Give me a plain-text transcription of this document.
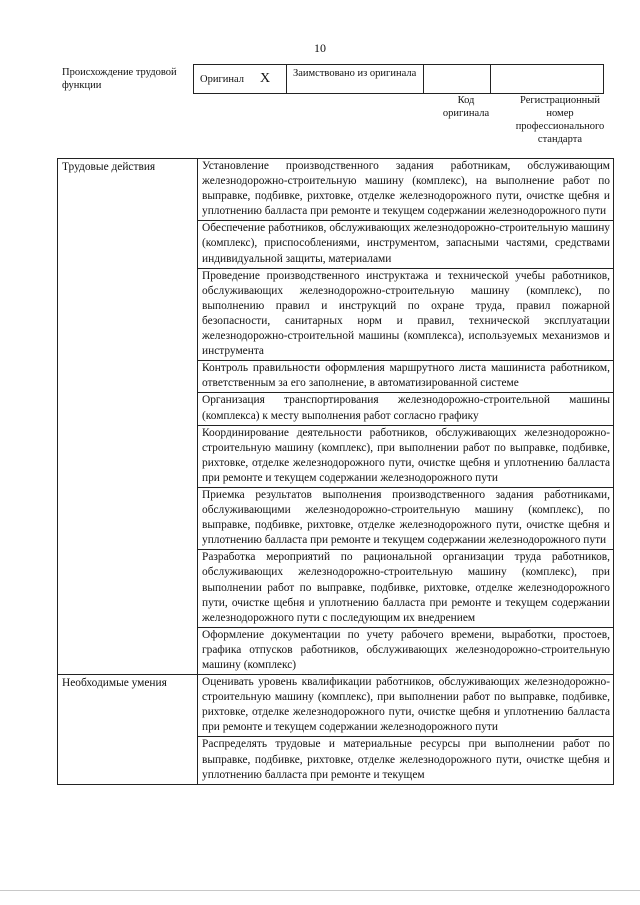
10
Происхождение трудовой функции
Оригинал X	Заимствовано из оригинала		
Код оригинала
Регистрационный номер профессионального стандарта
Трудовые действия	Установление производственного задания работникам, обслуживающим железнодорожно-строительную машину (комплекс), на выполнение работ по выправке, подбивке, рихтовке, отделке железнодорожного пути, очистке щебня и уплотнению балласта при ремонте и текущем содержании железнодорожного пути
	Обеспечение работников, обслуживающих железнодорожно-строительную машину (комплекс), приспособлениями, инструментом, запасными частями, средствами индивидуальной защиты, материалами
	Проведение производственного инструктажа и технической учебы работников, обслуживающих железнодорожно-строительную машину (комплекс), по выполнению правил и инструкций по охране труда, правил пожарной безопасности, санитарных норм и правил, технической эксплуатации железнодорожно-строительной машины (комплекса), используемых механизмов и инструмента
	Контроль правильности оформления маршрутного листа машиниста работником, ответственным за его заполнение, в автоматизированной системе
	Организация транспортирования железнодорожно-строительной машины (комплекса) к месту выполнения работ согласно графику
	Координирование деятельности работников, обслуживающих железнодорожно-строительную машину (комплекс), при выполнении работ по выправке, подбивке, рихтовке, отделке железнодорожного пути, очистке щебня и уплотнению балласта при ремонте и текущем содержании железнодорожного пути
	Приемка результатов выполнения производственного задания работниками, обслуживающими железнодорожно-строительную машину (комплекс), по выправке, подбивке, рихтовке, отделке железнодорожного пути, очистке щебня и уплотнению балласта при ремонте и текущем содержании железнодорожного пути
	Разработка мероприятий по рациональной организации труда работников, обслуживающих железнодорожно-строительную машину (комплекс), при выполнении работ по выправке, подбивке, рихтовке, отделке железнодорожного пути, очистке щебня и уплотнению балласта при ремонте и текущем содержании железнодорожного пути с последующим их внедрением
	Оформление документации по учету рабочего времени, выработки, простоев, графика отпусков работников, обслуживающих железнодорожно-строительную машину (комплекс)
Необходимые умения	Оценивать уровень квалификации работников, обслуживающих железнодорожно-строительную машину (комплекс), при выполнении работ по выправке, подбивке, рихтовке, отделке железнодорожного пути, очистке щебня и уплотнению балласта при ремонте и текущем содержании железнодорожного пути
	Распределять трудовые и материальные ресурсы при выполнении работ по выправке, подбивке, рихтовке, отделке железнодорожного пути, очистке щебня и уплотнению балласта при ремонте и текущем
